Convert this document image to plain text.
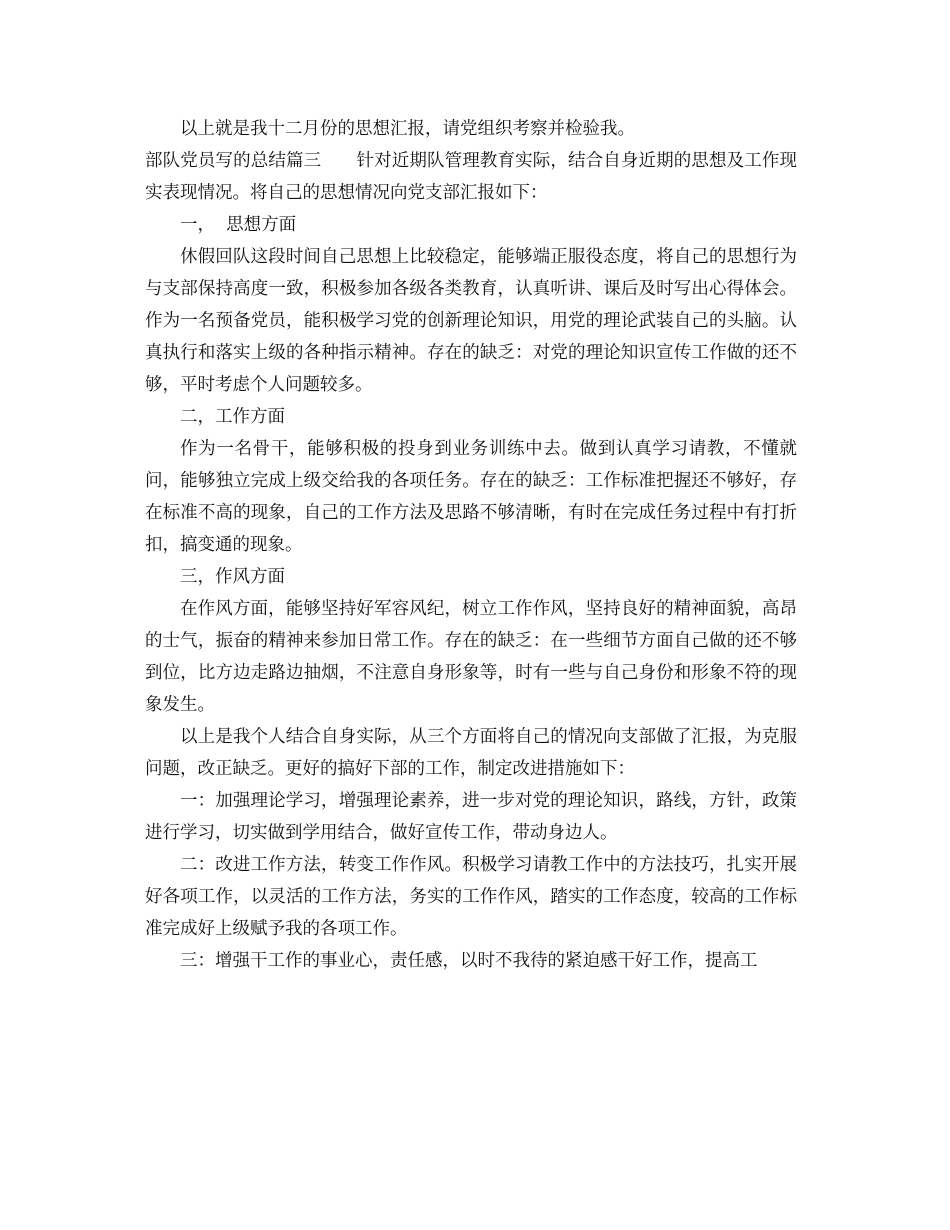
以上就是我十二月份的思想汇报，请党组织考察并检验我。

部队党员写的总结篇三　　针对近期队管理教育实际，结合自身近期的思想及工作现实表现情况。将自己的思想情况向党支部汇报如下：

一，  思想方面

休假回队这段时间自己思想上比较稳定，能够端正服役态度，将自己的思想行为与支部保持高度一致，积极参加各级各类教育，认真听讲、课后及时写出心得体会。作为一名预备党员，能积极学习党的创新理论知识，用党的理论武装自己的头脑。认真执行和落实上级的各种指示精神。存在的缺乏：对党的理论知识宣传工作做的还不够，平时考虑个人问题较多。

二，工作方面

作为一名骨干，能够积极的投身到业务训练中去。做到认真学习请教，不懂就问，能够独立完成上级交给我的各项任务。存在的缺乏：工作标准把握还不够好，存在标准不高的现象，自己的工作方法及思路不够清晰，有时在完成任务过程中有打折扣，搞变通的现象。

三，作风方面

在作风方面，能够坚持好军容风纪，树立工作作风，坚持良好的精神面貌，高昂的士气，振奋的精神来参加日常工作。存在的缺乏：在一些细节方面自己做的还不够到位，比方边走路边抽烟，不注意自身形象等，时有一些与自己身份和形象不符的现象发生。

以上是我个人结合自身实际，从三个方面将自己的情况向支部做了汇报，为克服问题，改正缺乏。更好的搞好下部的工作，制定改进措施如下：

一：加强理论学习，增强理论素养，进一步对党的理论知识，路线，方针，政策进行学习，切实做到学用结合，做好宣传工作，带动身边人。

二：改进工作方法，转变工作作风。积极学习请教工作中的方法技巧，扎实开展好各项工作，以灵活的工作方法，务实的工作作风，踏实的工作态度，较高的工作标准完成好上级赋予我的各项工作。

三：增强干工作的事业心，责任感，以时不我待的紧迫感干好工作，提高工
